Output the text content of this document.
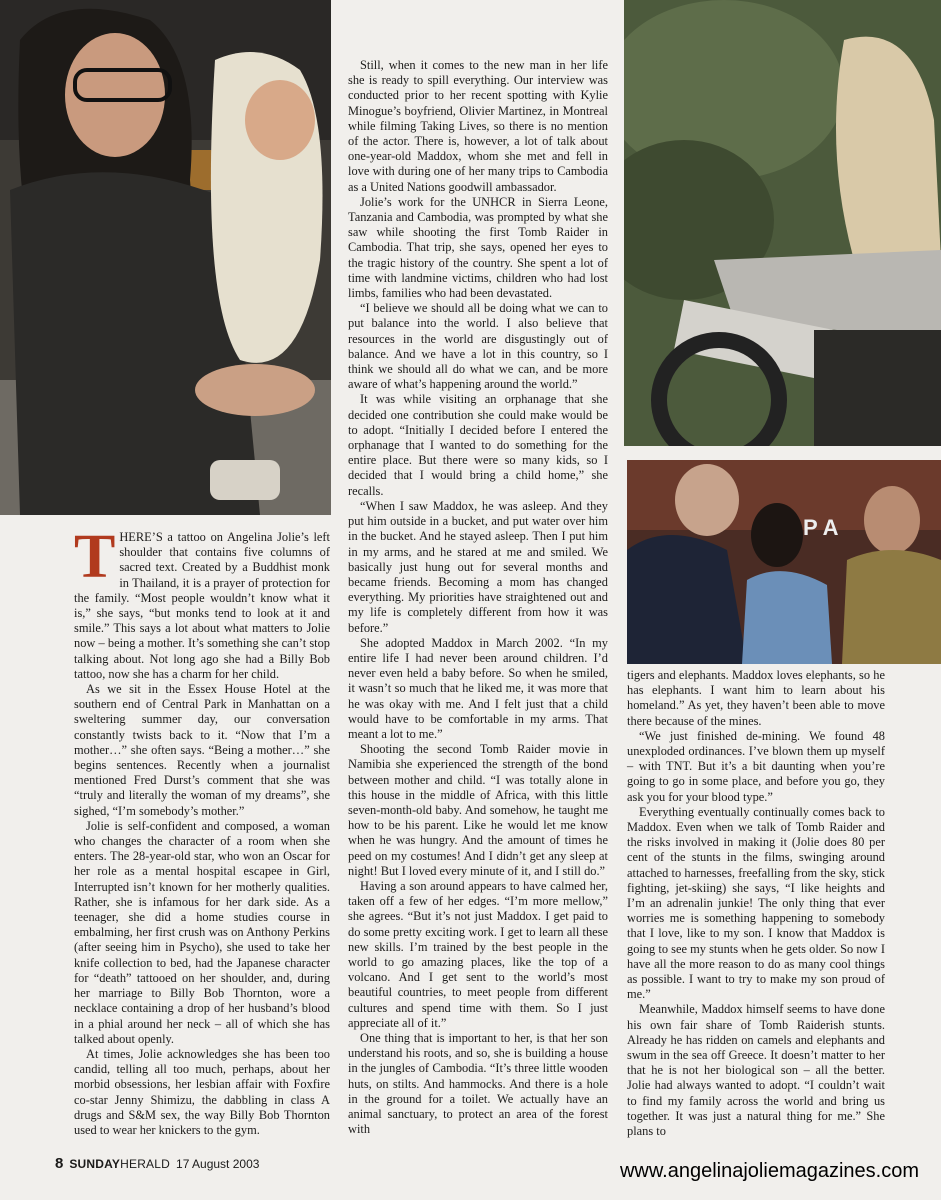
P A
T HERE’S a tattoo on Angelina Jolie’s left shoulder that contains five columns of sacred text. Created by a Buddhist monk in Thailand, it is a prayer of protection for the family. “Most people wouldn’t know what it is,” she says, “but monks tend to look at it and smile.” This says a lot about what matters to Jolie now – being a mother. It’s something she can’t stop talking about. Not long ago she had a Billy Bob tattoo, now she has a charm for her child.

As we sit in the Essex House Hotel at the southern end of Central Park in Manhattan on a sweltering summer day, our conversation constantly twists back to it. “Now that I’m a mother…” she often says. “Being a mother…” she begins sentences. Recently when a journalist mentioned Fred Durst’s comment that she was “truly and literally the woman of my dreams”, she sighed, “I’m somebody’s mother.”

Jolie is self-confident and composed, a woman who changes the character of a room when she enters. The 28-year-old star, who won an Oscar for her role as a mental hospital escapee in Girl, Interrupted isn’t known for her motherly qualities. Rather, she is infamous for her dark side. As a teenager, she did a home studies course in embalming, her first crush was on Anthony Perkins (after seeing him in Psycho), she used to take her knife collection to bed, had the Japanese character for “death” tattooed on her shoulder, and, during her marriage to Billy Bob Thornton, wore a necklace containing a drop of her husband’s blood in a phial around her neck – all of which she has talked about openly.

At times, Jolie acknowledges she has been too candid, telling all too much, perhaps, about her morbid obsessions, her lesbian affair with Foxfire co-star Jenny Shimizu, the dabbling in class A drugs and S&M sex, the way Billy Bob Thornton used to wear her knickers to the gym.

Still, when it comes to the new man in her life she is ready to spill everything. Our interview was conducted prior to her recent spotting with Kylie Minogue’s boyfriend, Olivier Martinez, in Montreal while filming Taking Lives, so there is no mention of the actor. There is, however, a lot of talk about one-year-old Maddox, whom she met and fell in love with during one of her many trips to Cambodia as a United Nations goodwill ambassador.

Jolie’s work for the UNHCR in Sierra Leone, Tanzania and Cambodia, was prompted by what she saw while shooting the first Tomb Raider in Cambodia. That trip, she says, opened her eyes to the tragic history of the country. She spent a lot of time with landmine victims, children who had lost limbs, families who had been devastated.

“I believe we should all be doing what we can to put balance into the world. I also believe that resources in the world are disgustingly out of balance. And we have a lot in this country, so I think we should all do what we can, and be more aware of what’s happening around the world.”

It was while visiting an orphanage that she decided one contribution she could make would be to adopt. “Initially I decided before I entered the orphanage that I wanted to do something for the entire place. But there were so many kids, so I decided that I would bring a child home,” she recalls.

“When I saw Maddox, he was asleep. And they put him outside in a bucket, and put water over him in the bucket. And he stayed asleep. Then I put him in my arms, and he stared at me and smiled. We basically just hung out for several months and became friends. Becoming a mom has changed everything. My priorities have straightened out and my life is completely different from how it was before.”

She adopted Maddox in March 2002. “In my entire life I had never been around children. I’d never even held a baby before. So when he smiled, it wasn’t so much that he liked me, it was more that he was okay with me. And I felt just that a child would have to be comfortable in my arms. That meant a lot to me.”

Shooting the second Tomb Raider movie in Namibia she experienced the strength of the bond between mother and child. “I was totally alone in this house in the middle of Africa, with this little seven-month-old baby. And somehow, he taught me how to be his parent. Like he would let me know when he was hungry. And the amount of times he peed on my costumes! And I didn’t get any sleep at night! But I loved every minute of it, and I still do.”

Having a son around appears to have calmed her, taken off a few of her edges. “I’m more mellow,” she agrees. “But it’s not just Maddox. I get paid to do some pretty exciting work. I get to learn all these new skills. I’m trained by the best people in the world to go amazing places, like the top of a volcano. And I get sent to the world’s most beautiful countries, to meet people from different cultures and spend time with them. So I just appreciate all of it.”

One thing that is important to her, is that her son understand his roots, and so, she is building a house in the jungles of Cambodia. “It’s three little wooden huts, on stilts. And hammocks. And there is a hole in the ground for a toilet. We actually have an animal sanctuary, to protect an area of the forest with

tigers and elephants. Maddox loves elephants, so he has elephants. I want him to learn about his homeland.” As yet, they haven’t been able to move there because of the mines.

“We just finished de-mining. We found 48 unexploded ordinances. I’ve blown them up myself – with TNT. But it’s a bit daunting when you’re going to go in some place, and before you go, they ask you for your blood type.”

Everything eventually continually comes back to Maddox. Even when we talk of Tomb Raider and the risks involved in making it (Jolie does 80 per cent of the stunts in the films, swinging around attached to harnesses, freefalling from the sky, stick fighting, jet-skiing) she says, “I like heights and I’m an adrenalin junkie! The only thing that ever worries me is something happening to somebody that I love, like to my son. I know that Maddox is going to see my stunts when he gets older. So now I have all the more reason to do as many cool things as possible. I want to try to make my son proud of me.”

Meanwhile, Maddox himself seems to have done his own fair share of Tomb Raiderish stunts. Already he has ridden on camels and elephants and swum in the sea off Greece. It doesn’t matter to her that he is not her biological son – all the better. Jolie had always wanted to adopt. “I couldn’t wait to find my family across the world and bring us together. It was just a natural thing for me.” She plans to

8 SUNDAYHERALD 17 August 2003	www.angelinajoliemagazines.com
